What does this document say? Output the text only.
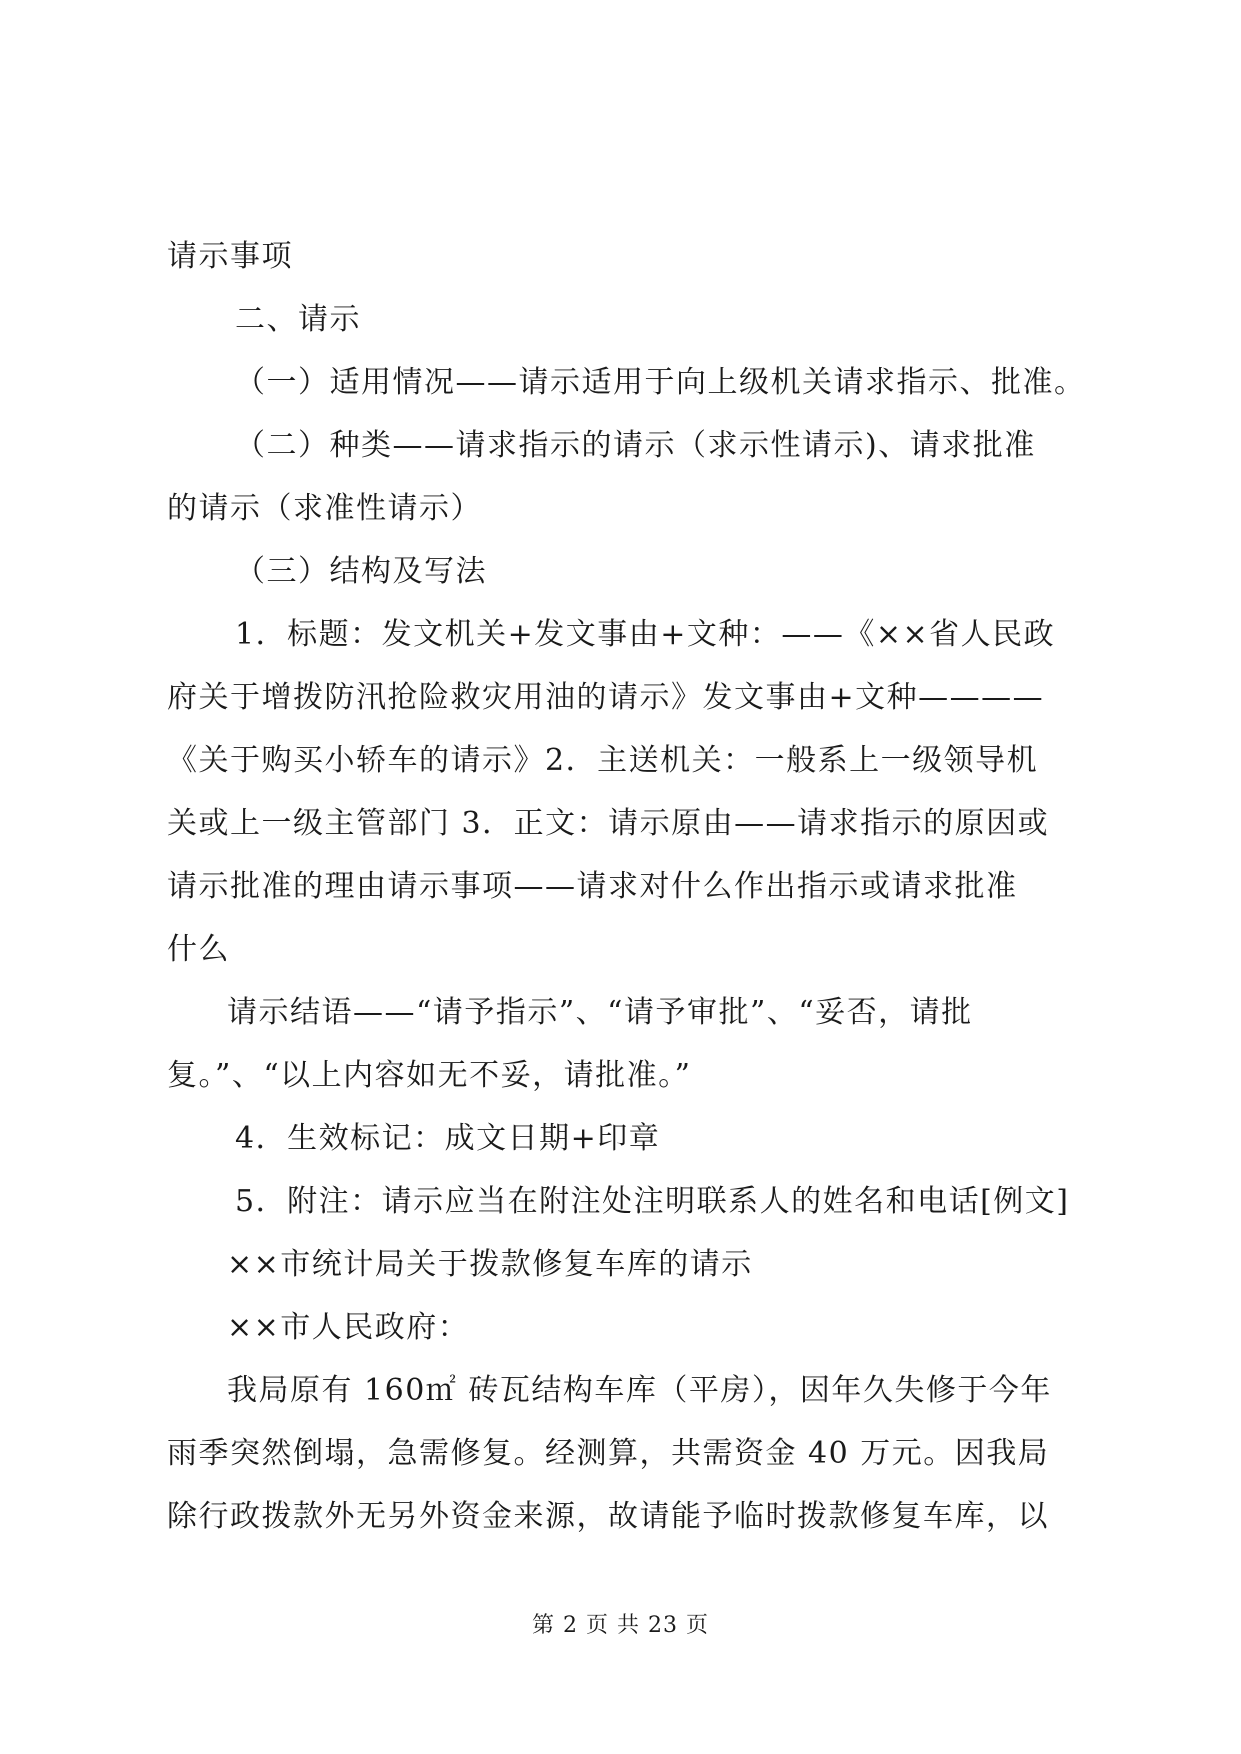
请示事项
二、请示
（一）适用情况——请示适用于向上级机关请求指示、批准。
（二）种类——请求指示的请示（求示性请示)、请求批准
的请示（求准性请示）
（三）结构及写法
1．标题：发文机关+发文事由+文种：——《××省人民政
府关于增拨防汛抢险救灾用油的请示》发文事由+文种————
《关于购买小轿车的请示》2．主送机关：一般系上一级领导机
关或上一级主管部门 3．正文：请示原由——请求指示的原因或
请示批准的理由请示事项——请求对什么作出指示或请求批准
什么
请示结语——“请予指示”、“请予审批”、“妥否，请批
复。”、“以上内容如无不妥，请批准。”
4．生效标记：成文日期+印章
5．附注：请示应当在附注处注明联系人的姓名和电话[例文]
××市统计局关于拨款修复车库的请示
××市人民政府：
我局原有 160㎡ 砖瓦结构车库（平房），因年久失修于今年
雨季突然倒塌，急需修复。经测算，共需资金 40 万元。因我局
除行政拨款外无另外资金来源，故请能予临时拨款修复车库，以
第 2 页 共 23 页
